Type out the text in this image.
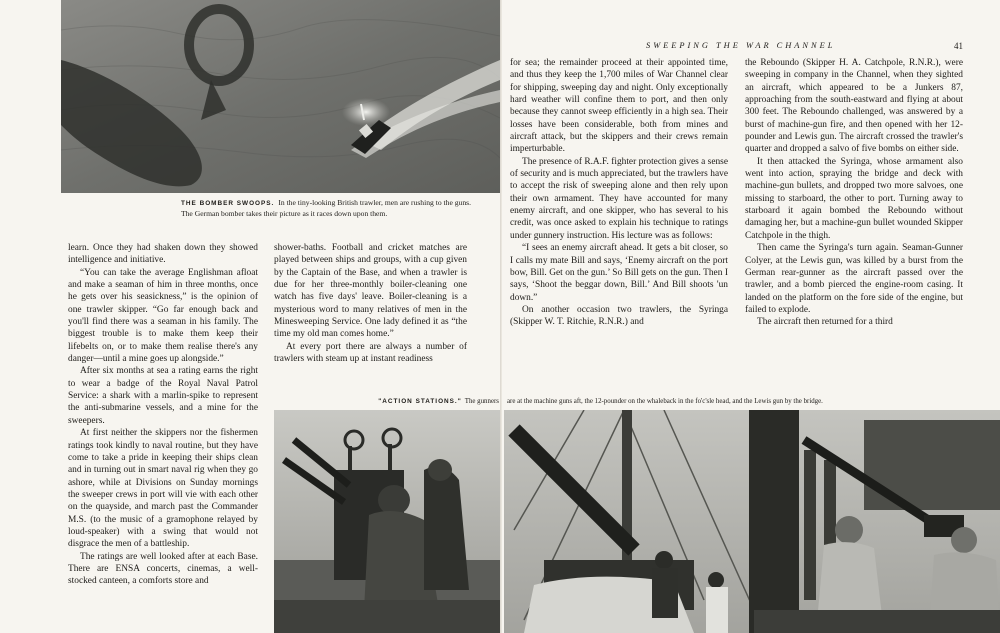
THE BOMBER SWOOPS. In the tiny-looking British trawler, men are rushing to the guns. The German bomber takes their picture as it races down upon them.
SWEEPING THE WAR CHANNEL	41

learn. Once they had shaken down they showed intelligence and initiative.

“You can take the average Englishman afloat and make a seaman of him in three months, once he gets over his seasickness,” is the opinion of one trawler skipper. “Go far enough back and you'll find there was a seaman in his family. The biggest trouble is to make them keep their lifebelts on, or to make them realise there's any danger—until a mine goes up alongside.”

After six months at sea a rating earns the right to wear a badge of the Royal Naval Patrol Service: a shark with a marlin-spike to represent the anti-submarine vessels, and a mine for the sweepers.

At first neither the skippers nor the fishermen ratings took kindly to naval routine, but they have come to take a pride in keeping their ships clean and in turning out in smart naval rig when they go ashore, while at Divisions on Sunday mornings the sweeper crews in port will vie with each other on the quayside, and march past the Commander M.S. (to the music of a gramophone relayed by loud-speaker) with a swing that would not disgrace the men of a battleship.

The ratings are well looked after at each Base. There are ENSA concerts, cinemas, a well-stocked canteen, a comforts store and

shower-baths. Football and cricket matches are played between ships and groups, with a cup given by the Captain of the Base, and when a trawler is due for her three-monthly boiler-cleaning one watch has five days' leave. Boiler-cleaning is a mysterious word to many relatives of men in the Minesweeping Service. One lady defined it as “the time my old man comes home.”

At every port there are always a number of trawlers with steam up at instant readiness

for sea; the remainder proceed at their appointed time, and thus they keep the 1,700 miles of War Channel clear for shipping, sweeping day and night. Only exceptionally hard weather will confine them to port, and then only because they cannot sweep efficiently in a high sea. Their losses have been considerable, both from mines and aircraft attack, but the skippers and their crews remain imperturbable.

The presence of R.A.F. fighter protection gives a sense of security and is much appreciated, but the trawlers have to accept the risk of sweeping alone and then rely upon their own armament. They have accounted for many enemy aircraft, and one skipper, who has several to his credit, was once asked to explain his technique to ratings under gunnery instruction. His lecture was as follows:

“I sees an enemy aircraft ahead. It gets a bit closer, so I calls my mate Bill and says, ‘Enemy aircraft on the port bow, Bill. Get on the gun.’ So Bill gets on the gun. Then I says, ‘Shoot the beggar down, Bill.’ And Bill shoots 'un down.”

On another occasion two trawlers, the Syringa (Skipper W. T. Ritchie, R.N.R.) and

the Reboundo (Skipper H. A. Catchpole, R.N.R.), were sweeping in company in the Channel, when they sighted an aircraft, which appeared to be a Junkers 87, approaching from the south-eastward and flying at about 300 feet. The Reboundo challenged, was answered by a burst of machine-gun fire, and then opened with her 12-pounder and Lewis gun. The aircraft crossed the trawler's quarter and dropped a salvo of five bombs on either side.

It then attacked the Syringa, whose armament also went into action, spraying the bridge and deck with machine-gun bullets, and dropped two more salvoes, one missing to starboard, the other to port. Turning away to starboard it again bombed the Reboundo without damaging her, but a machine-gun bullet wounded Skipper Catchpole in the thigh.

Then came the Syringa's turn again. Seaman-Gunner Colyer, at the Lewis gun, was killed by a burst from the German rear-gunner as the aircraft passed over the trawler, and a bomb pierced the engine-room casing. It landed on the platform on the fore side of the engine, but failed to explode.

The aircraft then returned for a third

"ACTION STATIONS." The gunners are at the machine guns aft, the 12-pounder on the whaleback in the fo'c'sle head, and the Lewis gun by the bridge.
